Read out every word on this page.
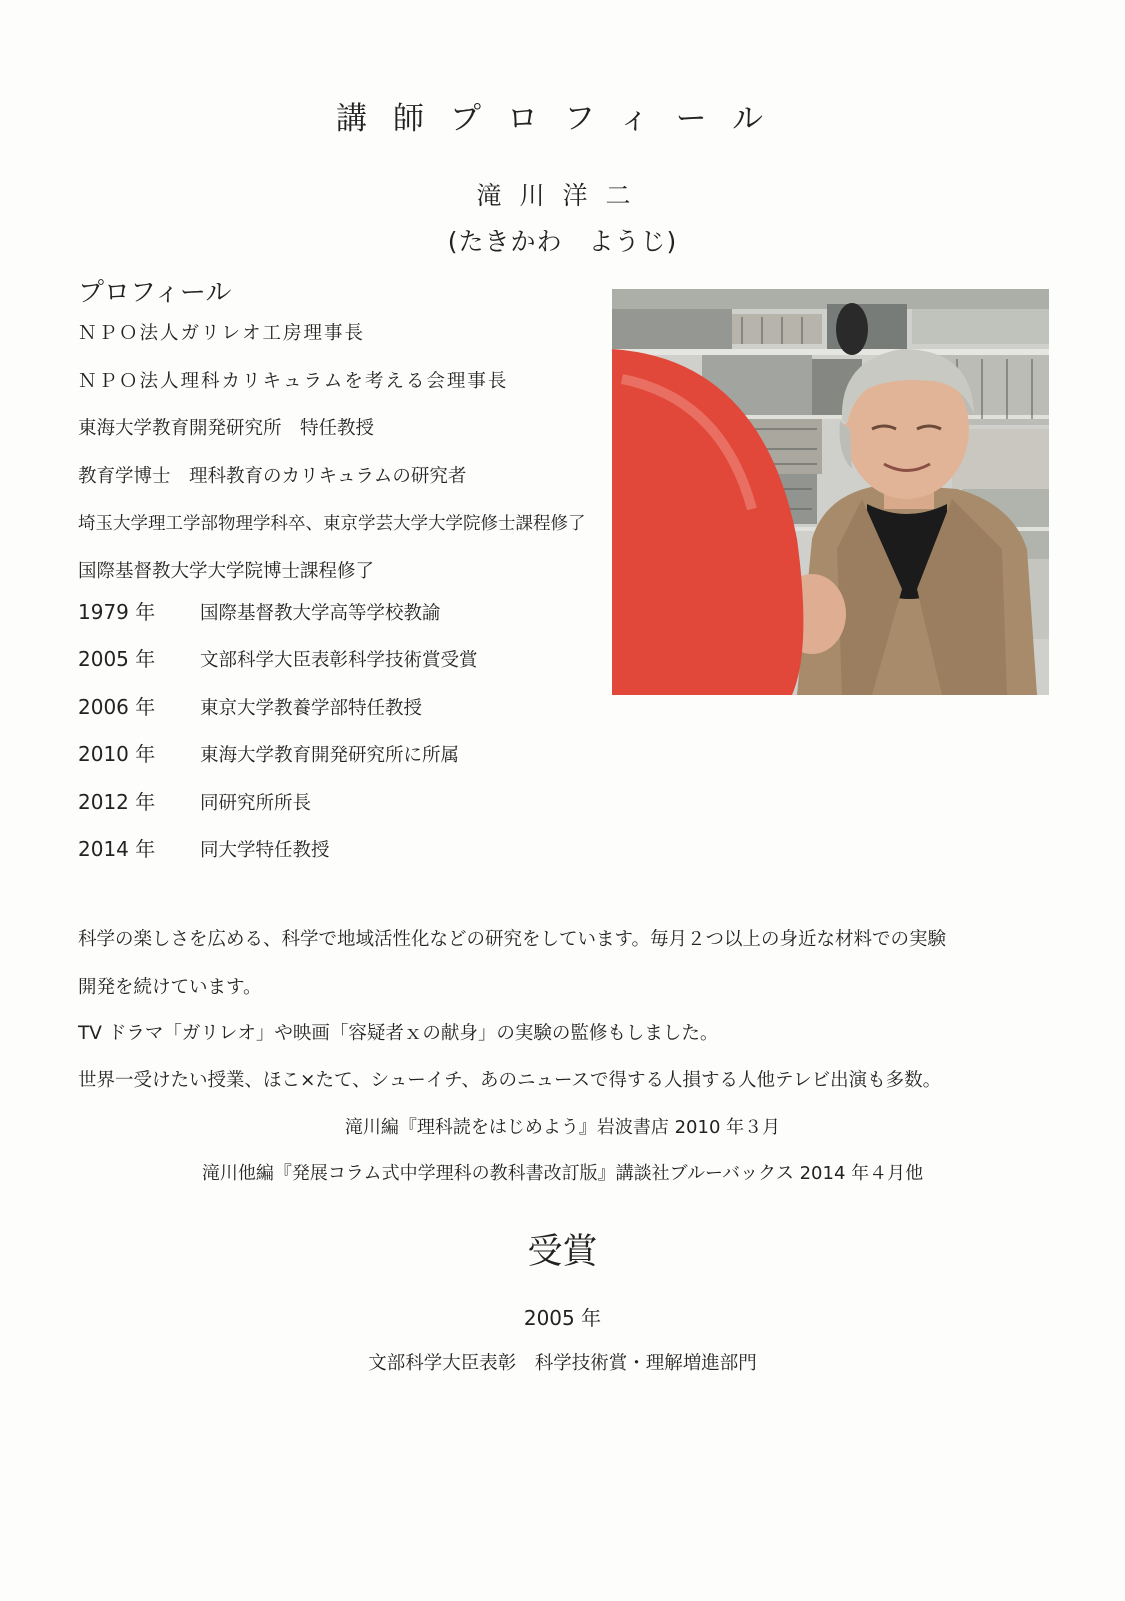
講師プロフィール
滝川洋二
(たきかわ　ようじ)
プロフィール
ＮＰＯ法人ガリレオ工房理事長
ＮＰＯ法人理科カリキュラムを考える会理事長
東海大学教育開発研究所　特任教授
教育学博士　理科教育のカリキュラムの研究者
埼玉大学理工学部物理学科卒、東京学芸大学大学院修士課程修了
国際基督教大学大学院博士課程修了
1979 年 国際基督教大学高等学校教諭
2005 年 文部科学大臣表彰科学技術賞受賞
2006 年 東京大学教養学部特任教授
2010 年 東海大学教育開発研究所に所属
2012 年 同研究所所長
2014 年 同大学特任教授

科学の楽しさを広める、科学で地域活性化などの研究をしています。毎月２つ以上の身近な材料での実験

開発を続けています。

TV ドラマ「ガリレオ」や映画「容疑者ｘの献身」の実験の監修もしました。

世界一受けたい授業、ほこ×たて、シューイチ、あのニュースで得する人損する人他テレビ出演も多数。

滝川編『理科読をはじめよう』岩波書店 2010 年３月

滝川他編『発展コラム式中学理科の教科書改訂版』講談社ブルーバックス 2014 年４月他

受賞
2005 年
文部科学大臣表彰　科学技術賞・理解増進部門
